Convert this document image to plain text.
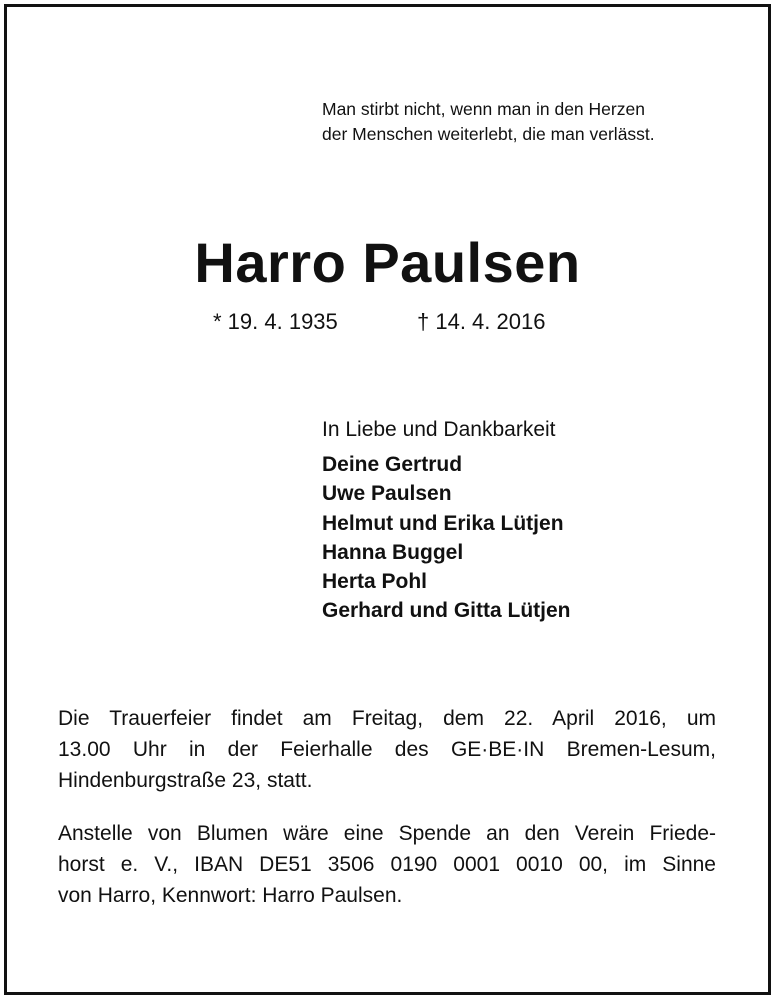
Man stirbt nicht, wenn man in den Herzen
der Menschen weiterlebt, die man verlässt.
Harro Paulsen
* 19. 4. 1935	† 14. 4. 2016
In Liebe und Dankbarkeit
Deine Gertrud
Uwe Paulsen
Helmut und Erika Lütjen
Hanna Buggel
Herta Pohl
Gerhard und Gitta Lütjen
Die Trauerfeier findet am Freitag, dem 22. April 2016, um
13.00 Uhr in der Feierhalle des GE·BE·IN Bremen-Lesum,
Hindenburgstraße 23, statt.
Anstelle von Blumen wäre eine Spende an den Verein Friede-
horst e. V., IBAN DE51 3506 0190 0001 0010 00, im Sinne
von Harro, Kennwort: Harro Paulsen.
